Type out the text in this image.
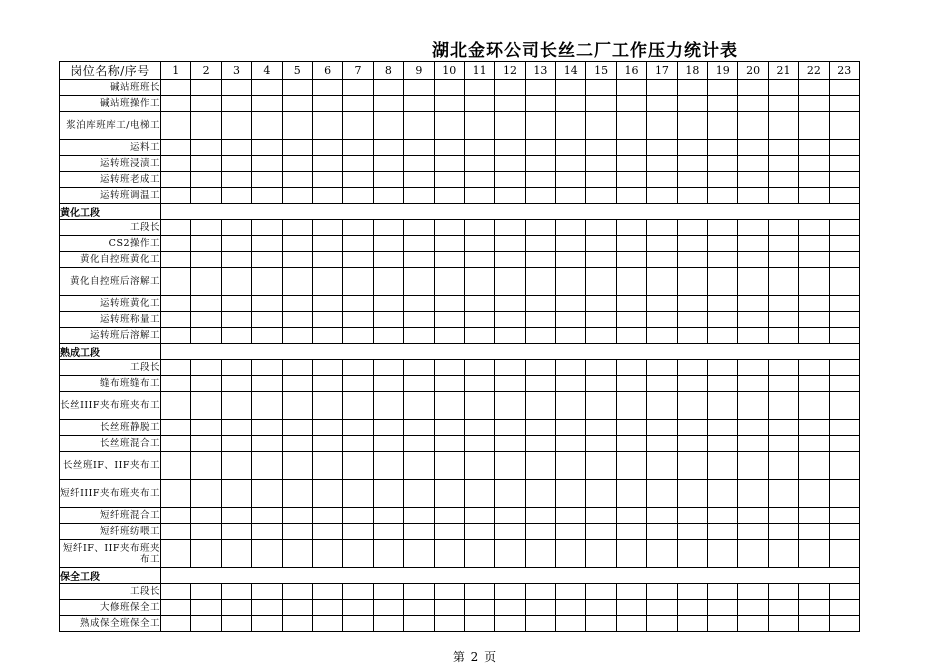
湖北金环公司长丝二厂工作压力统计表
岗位名称/序号	1	2	3	4	5	6	7	8	9	10	11	12	13	14	15	16	17	18	19	20	21	22	23
碱站班班长																							
碱站班操作工																							
浆泊库班库工/电梯工																							
运料工																							
运转班浸渍工																							
运转班老成工																							
运转班调温工																							
黄化工段																							
工段长																							
CS2操作工																							
黄化自控班黄化工																							
黄化自控班后溶解工																							
运转班黄化工																							
运转班称量工																							
运转班后溶解工																							
熟成工段																							
工段长																							
缝布班缝布工																							
长丝IIIF夹布班夹布工																							
长丝班静脱工																							
长丝班混合工																							
长丝班IF、IIF夹布工																							
短纤IIIF夹布班夹布工																							
短纤班混合工																							
短纤班纺喂工																							
短纤IF、IIF夹布班夹布工																							
保全工段																							
工段长																							
大修班保全工																							
熟成保全班保全工																							
第 2 页
